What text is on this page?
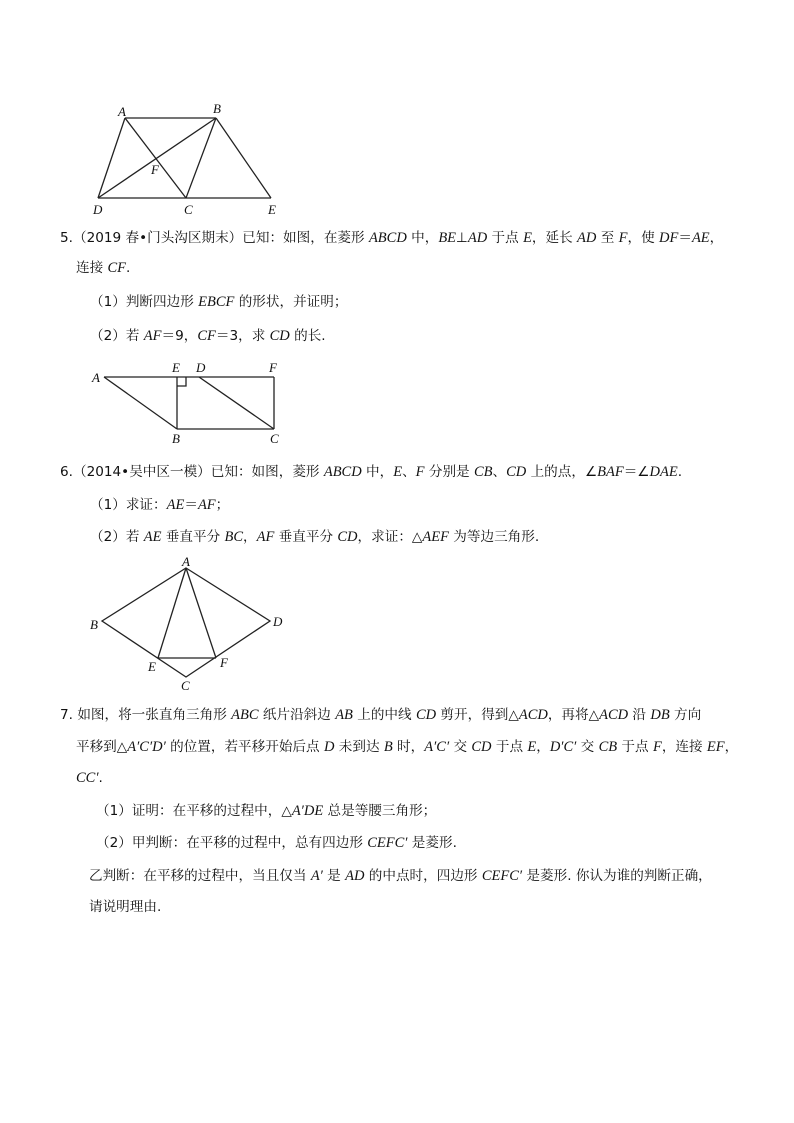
A	B
F
D	C	E
5.（2019 春•门头沟区期末）已知：如图，在菱形 ABCD 中，BE⊥AD 于点 E，延长 AD 至 F，使 DF＝AE，
连接 CF.
（1）判断四边形 EBCF 的形状，并证明；
（2）若 AF＝9，CF＝3，求 CD 的长.
A
E D	F
B	C
6.（2014•吴中区一模）已知：如图，菱形 ABCD 中，E、F 分别是 CB、CD 上的点，∠BAF＝∠DAE.
（1）求证：AE＝AF；
（2）若 AE 垂直平分 BC，AF 垂直平分 CD，求证：△AEF 为等边三角形.
A
B	D
E	F
C
7. 如图，将一张直角三角形 ABC 纸片沿斜边 AB 上的中线 CD 剪开，得到△ACD，再将△ACD 沿 DB 方向
平移到△A′C′D′ 的位置，若平移开始后点 D 未到达 B 时，A′C′ 交 CD 于点 E，D′C′ 交 CB 于点 F，连接 EF，
CC′.
（1）证明：在平移的过程中，△A′DE 总是等腰三角形；
（2）甲判断：在平移的过程中，总有四边形 CEFC′ 是菱形.
乙判断：在平移的过程中，当且仅当 A′ 是 AD 的中点时，四边形 CEFC′ 是菱形. 你认为谁的判断正确，
请说明理由.
